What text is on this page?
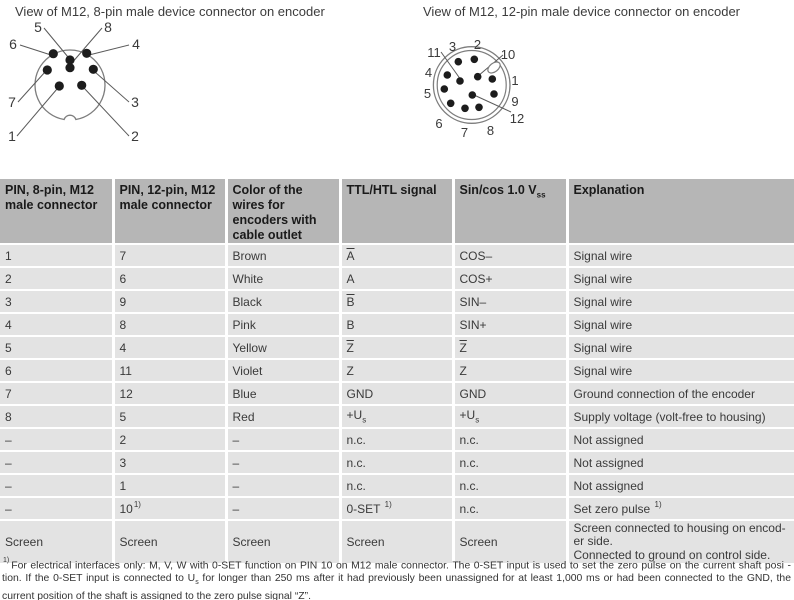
View of M12, 8-pin male device connector on encoder	View of M12, 12-pin male device connector on encoder
5	8
6	4
7	3
1	2
2
3
11	10
4
1
5
9
12
6
7 8
PIN, 8-pin, M12 male connector	PIN, 12-pin, M12 male connector	Color of the wires for encoders with cable outlet	TTL/HTL signal	Sin/cos 1.0 $V_{ss}$	Explanation
1	7	Brown	$\overline{A}$	COS–	Signal wire
2	6	White	A	COS+	Signal wire
3	9	Black	$\overline{B}$	SIN–	Signal wire
4	8	Pink	B	SIN+	Signal wire
5	4	Yellow	$\overline{Z}$	$\overline{Z}$	Signal wire
6	11	Violet	Z	Z	Signal wire
7	12	Blue	GND	GND	Ground connection of the encoder
8	5	Red	$+U_s$	$+U_s$	Supply voltage (volt-free to housing)
–	2	–	n.c.	n.c.	Not assigned
–	3	–	n.c.	n.c.	Not assigned
–	1	–	n.c.	n.c.	Not assigned
–	10$^{1)}$	–	0-SET $^{1)}$	n.c.	Set zero pulse $^{1)}$
Screen	Screen	Screen	Screen	Screen	Screen connected to housing on encod-
er side.
Connected to ground on control side.
$^{1)}$ For electrical interfaces only: M, V, W with 0-SET function on PIN 10 on M12 male connector. The 0-SET input is used to set the zero pulse on the current shaft posi -
tion. If the 0-SET input is connected to $U_s$ for longer than 250 ms after it had previously been unassigned for at least 1,000 ms or had been connected to the GND, the
current position of the shaft is assigned to the zero pulse signal “Z”.
